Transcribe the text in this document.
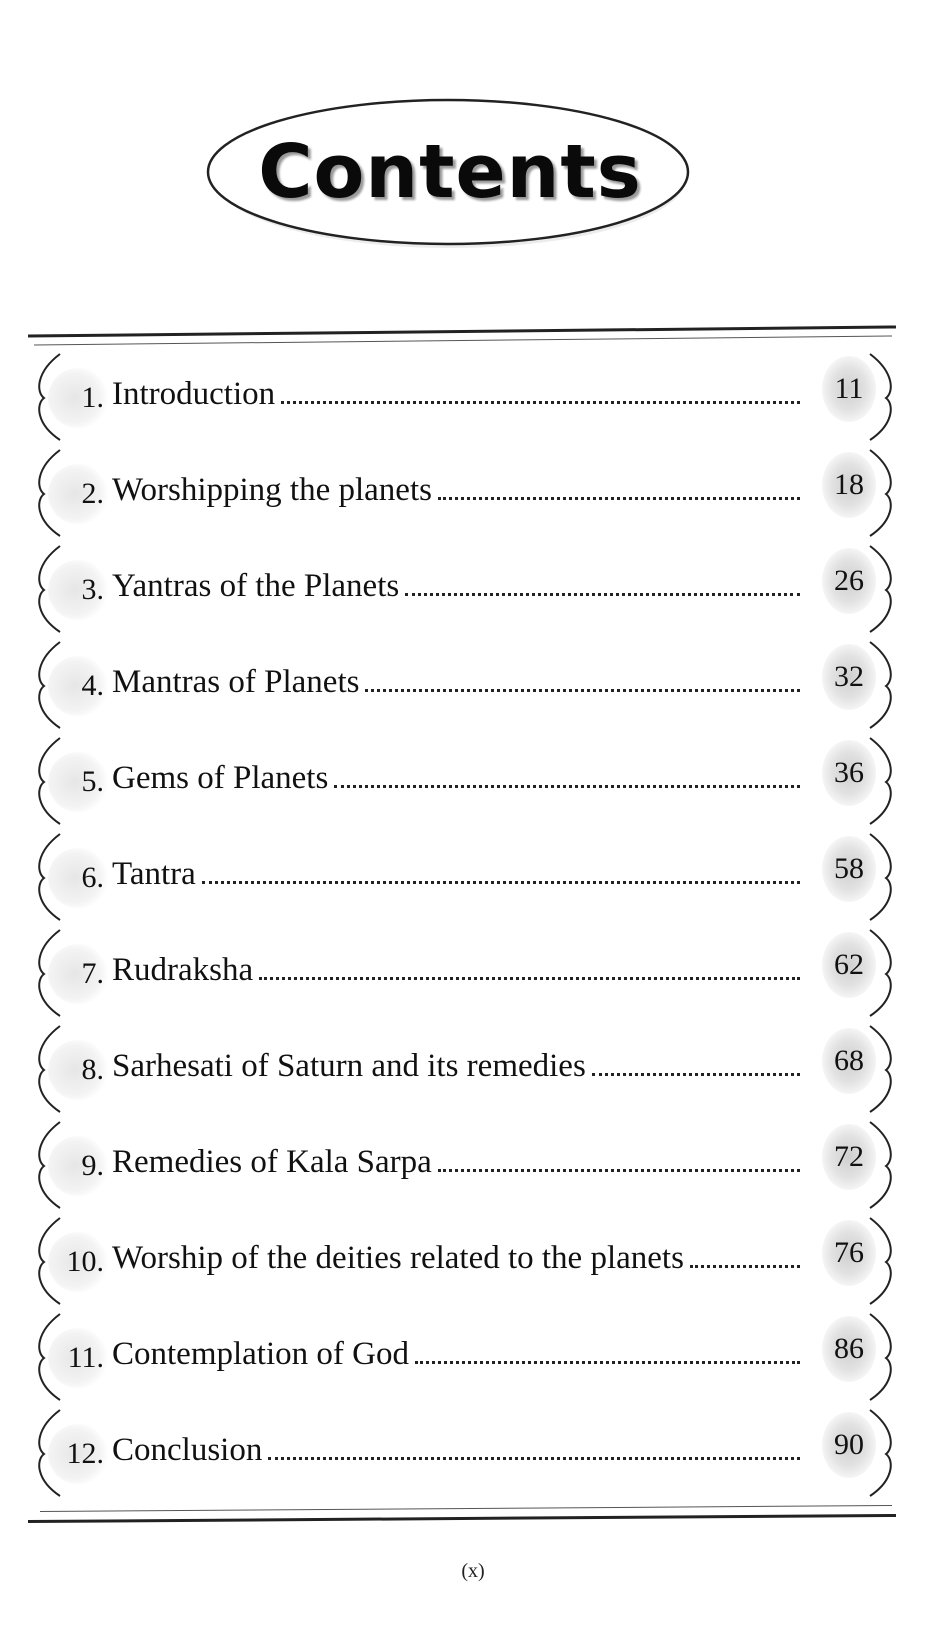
Contents
1. Introduction	11
2. Worshipping the planets	18
3. Yantras of the Planets	26
4. Mantras of Planets	32
5. Gems of Planets	36
6. Tantra	58
7. Rudraksha	62
8. Sarhesati of Saturn and its remedies	68
9. Remedies of Kala Sarpa	72
10. Worship of the deities related to the planets	76
11. Contemplation of God	86
12. Conclusion	90
(x)
